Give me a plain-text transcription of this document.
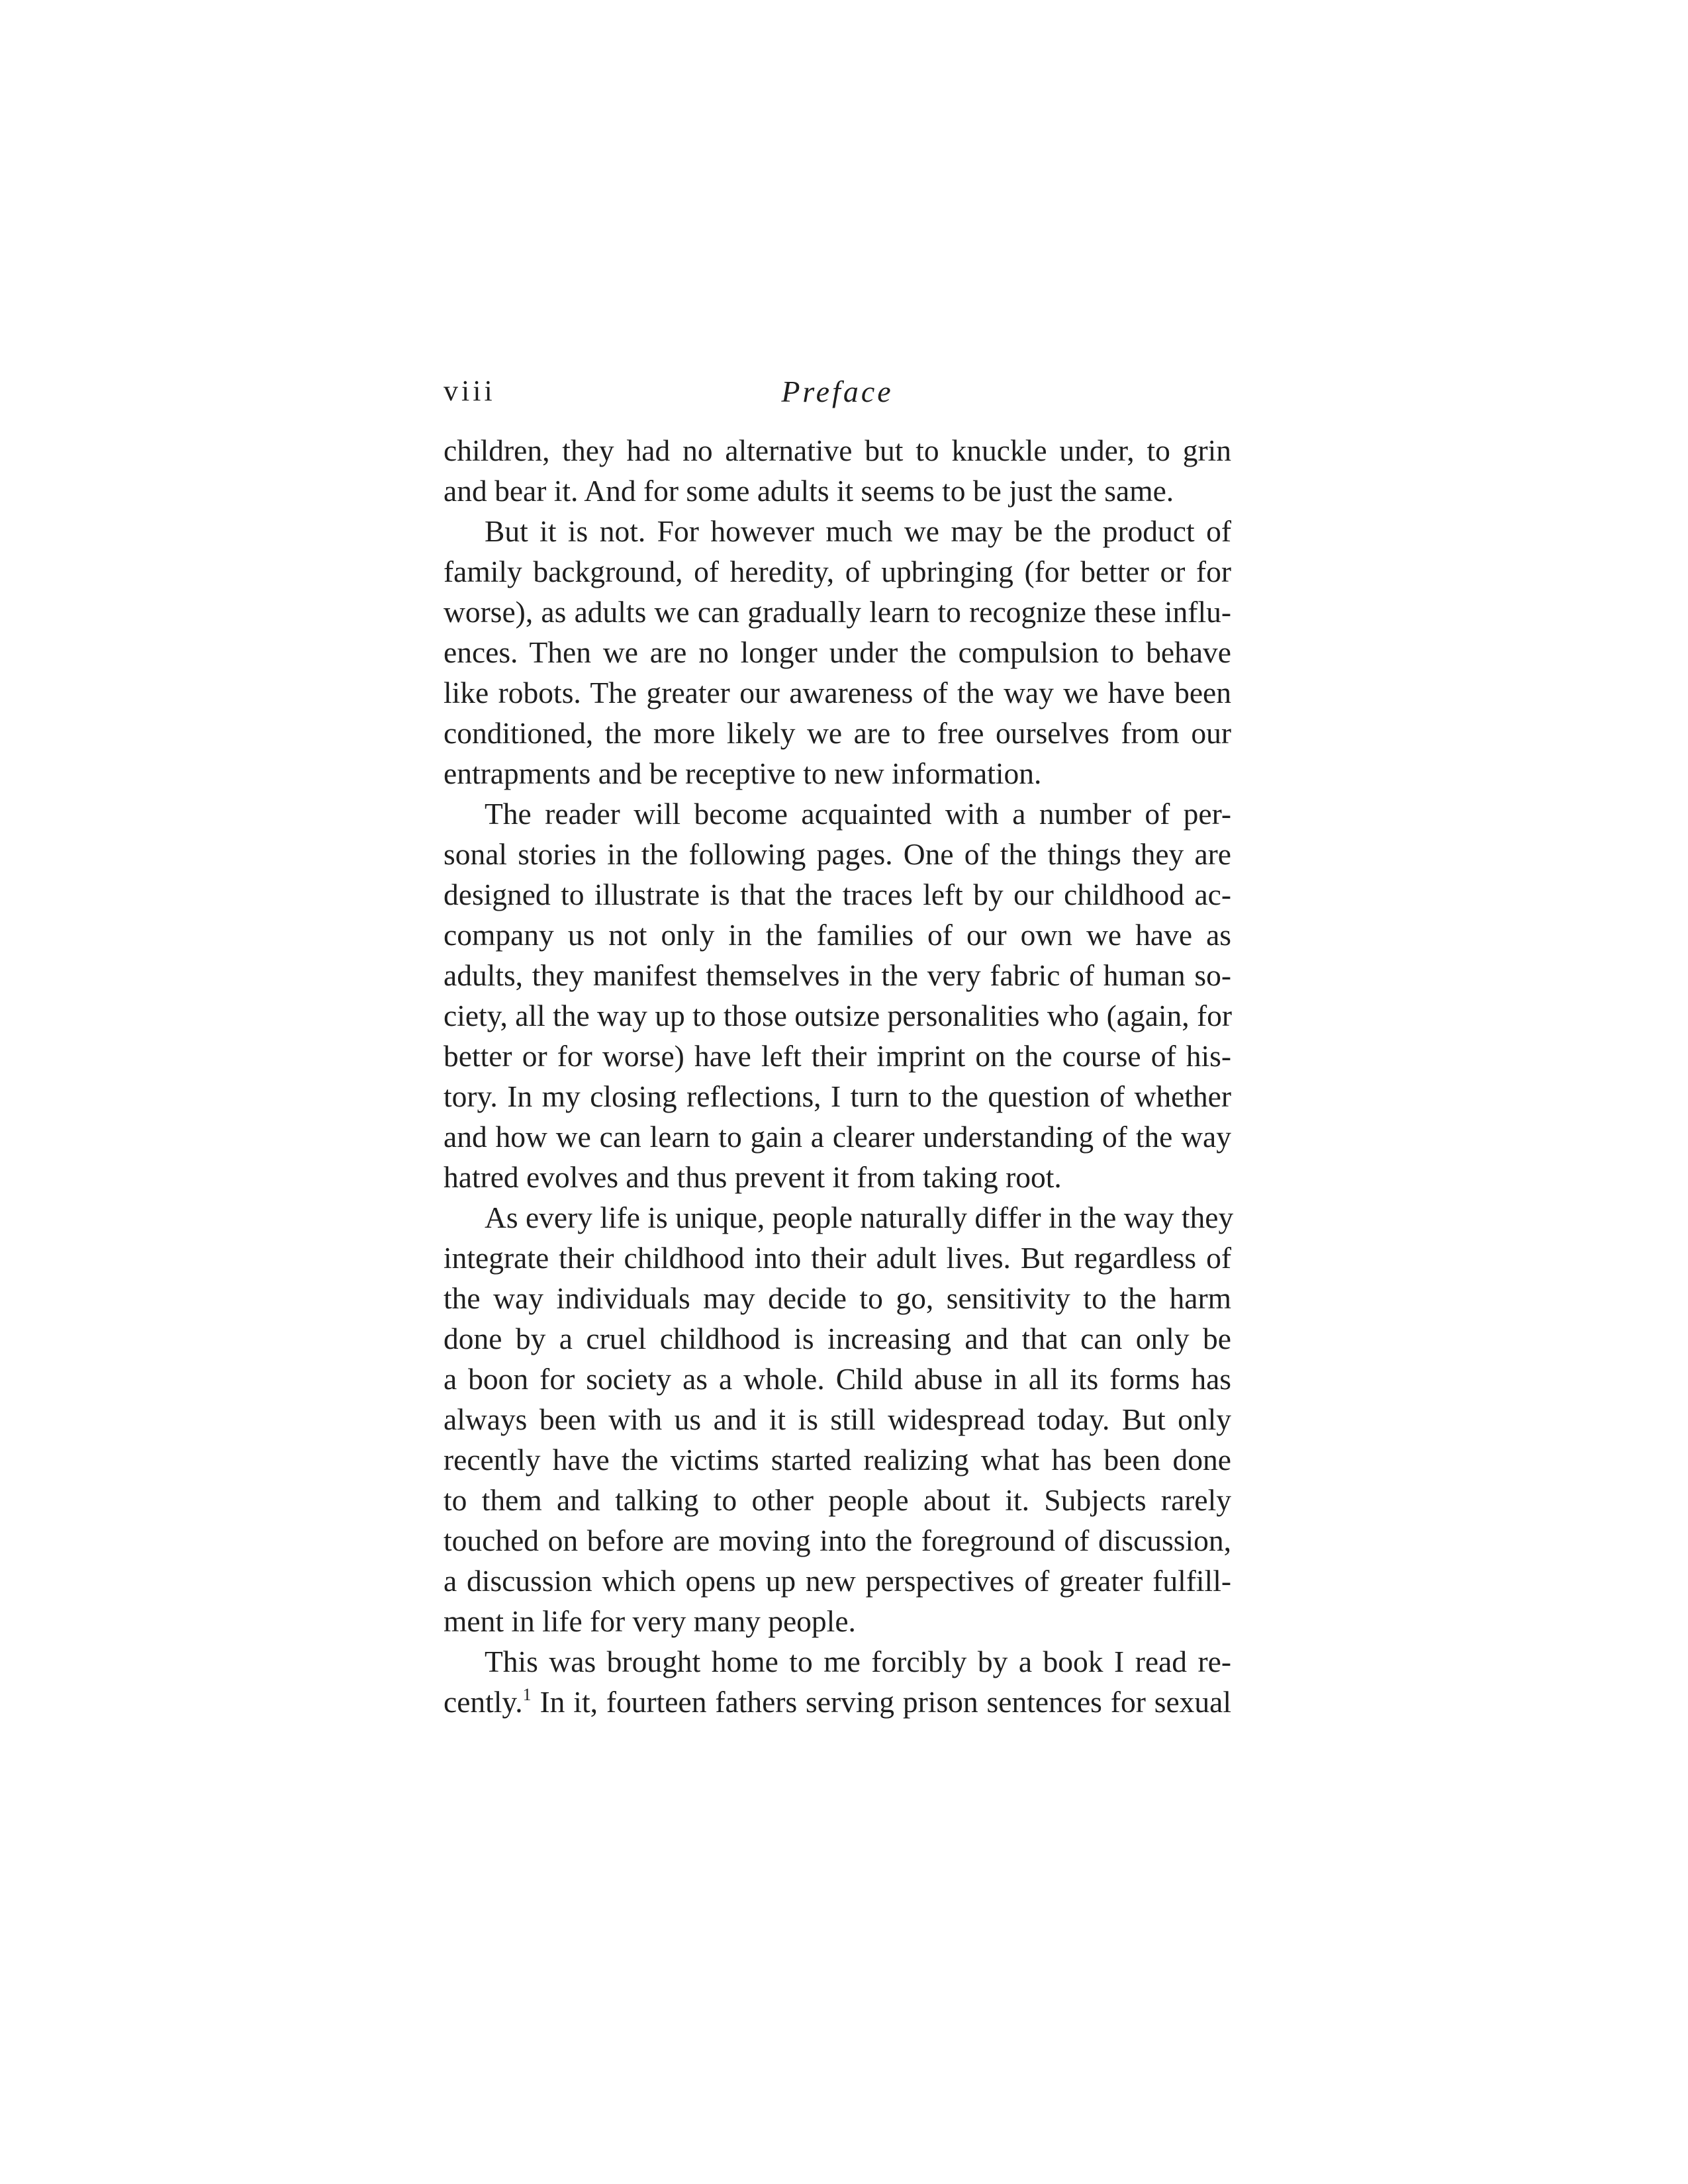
viii	Preface

children, they had no alternative but to knuckle under, to grin
and bear it. And for some adults it seems to be just the same.

But it is not. For however much we may be the product of
family background, of heredity, of upbringing (for better or for
worse), as adults we can gradually learn to recognize these influ-
ences. Then we are no longer under the compulsion to behave
like robots. The greater our awareness of the way we have been
conditioned, the more likely we are to free ourselves from our
entrapments and be receptive to new information.

The reader will become acquainted with a number of per-
sonal stories in the following pages. One of the things they are
designed to illustrate is that the traces left by our childhood ac-
company us not only in the families of our own we have as
adults, they manifest themselves in the very fabric of human so-
ciety, all the way up to those outsize personalities who (again, for
better or for worse) have left their imprint on the course of his-
tory. In my closing reflections, I turn to the question of whether
and how we can learn to gain a clearer understanding of the way
hatred evolves and thus prevent it from taking root.

As every life is unique, people naturally differ in the way they
integrate their childhood into their adult lives. But regardless of
the way individuals may decide to go, sensitivity to the harm
done by a cruel childhood is increasing and that can only be
a boon for society as a whole. Child abuse in all its forms has
always been with us and it is still widespread today. But only
recently have the victims started realizing what has been done
to them and talking to other people about it. Subjects rarely
touched on before are moving into the foreground of discussion,
a discussion which opens up new perspectives of greater fulfill-
ment in life for very many people.

This was brought home to me forcibly by a book I read re-
cently.$^1$ In it, fourteen fathers serving prison sentences for sexual
